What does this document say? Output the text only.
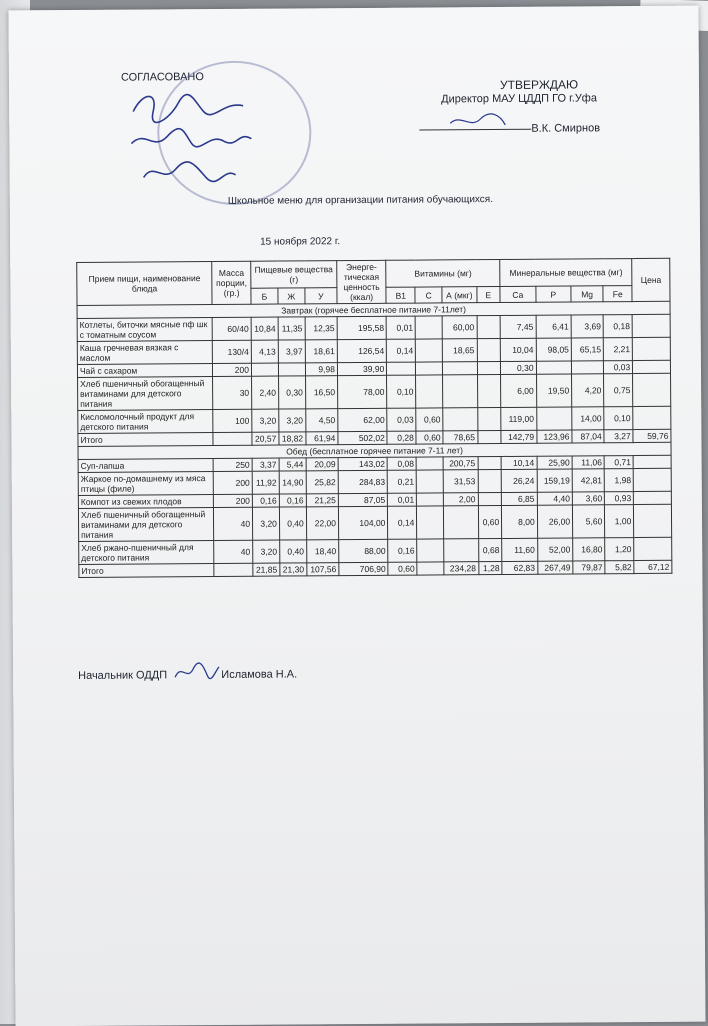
СОГЛАСОВАНО
УТВЕРЖДАЮ
Директор МАУ ЦДДП ГО г.Уфа
В.К. Смирнов
Школьное меню для организации питания обучающихся.
15 ноября 2022 г.
Прием пищи, наименование блюда	Масса порции, (гр.)	Пищевые вещества (г)			Энерге-тическая ценность (ккал)	Витамины (мг)				Минеральные вещества (мг)				Цена
		Б	Ж	У		B1	C	А (мкг)	Е	Ca	P	Mg	Fe	
Завтрак (горячее бесплатное питание 7-11лет)														
Котлеты, биточки мясные пф шк с томатным соусом	60/40	10,84	11,35	12,35	195,58	0,01		60,00		7,45	6,41	3,69	0,18	
Каша гречневая вязкая с маслом	130/4	4,13	3,97	18,61	126,54	0,14		18,65		10,04	98,05	65,15	2,21	
Чай с сахаром	200			9,98	39,90					0,30			0,03	
Хлеб пшеничный обогащенный витаминами для детского питания	30	2,40	0,30	16,50	78,00	0,10				6,00	19,50	4,20	0,75	
Кисломолочный продукт для детского питания	100	3,20	3,20	4,50	62,00	0,03	0,60			119,00		14,00	0,10	
Итого		20,57	18,82	61,94	502,02	0,28	0,60	78,65		142,79	123,96	87,04	3,27	59,76
Обед (бесплатное горячее питание 7-11 лет)														
Суп-лапша	250	3,37	5,44	20,09	143,02	0,08		200,75		10,14	25,90	11,06	0,71	
Жаркое по-домашнему из мяса птицы (филе)	200	11,92	14,90	25,82	284,83	0,21		31,53		26,24	159,19	42,81	1,98	
Компот из свежих плодов	200	0,16	0,16	21,25	87,05	0,01		2,00		6,85	4,40	3,60	0,93	
Хлеб пшеничный обогащенный витаминами для детского питания	40	3,20	0,40	22,00	104,00	0,14			0,60	8,00	26,00	5,60	1,00	
Хлеб ржано-пшеничный для детского питания	40	3,20	0,40	18,40	88,00	0,16			0,68	11,60	52,00	16,80	1,20	
Итого		21,85	21,30	107,56	706,90	0,60		234,28	1,28	62,83	267,49	79,87	5,82	67,12
Начальник ОДДП	Исламова Н.А.
